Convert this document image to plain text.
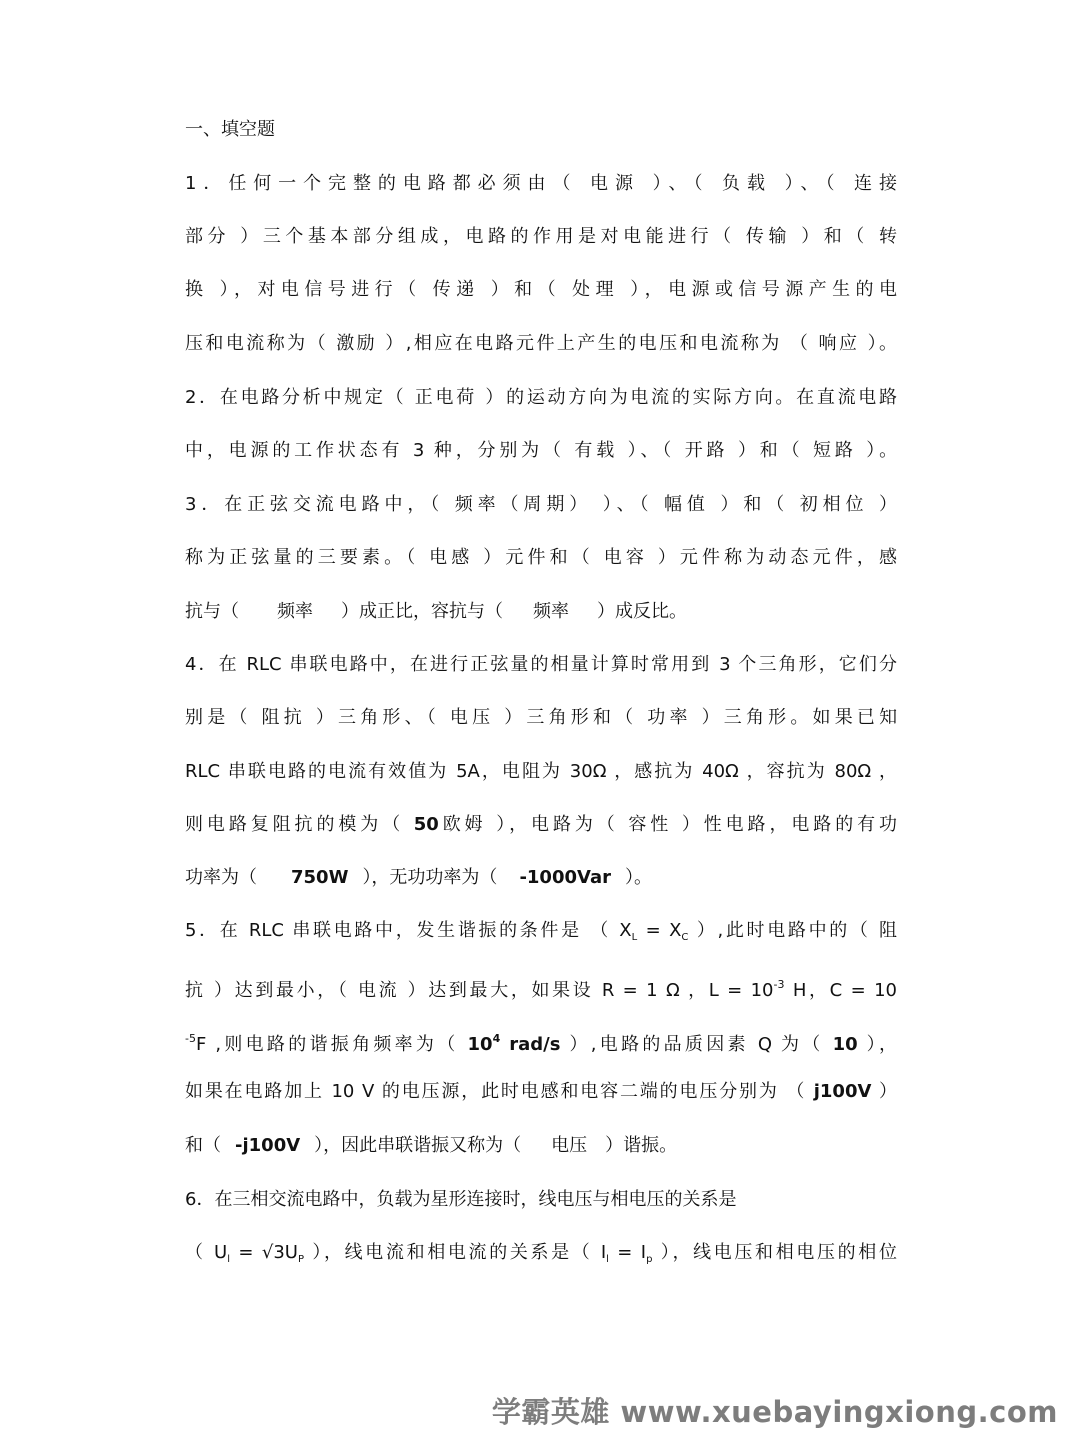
一、填空题
1．任何一个完整的电路都必须由（ 电源 ）、（ 负载 ）、（ 连接
部分 ）三个基本部分组成，电路的作用是对电能进行（ 传输 ）和（ 转
换 ），对电信号进行（ 传递 ）和（ 处理 ），电源或信号源产生的电
压和电流称为（ 激励 ）,相应在电路元件上产生的电压和电流称为 （ 响应 ）。
2．在电路分析中规定（ 正电荷 ）的运动方向为电流的实际方向。在直流电路
中，电源的工作状态有 3 种，分别为（ 有载 ）、（ 开路 ）和（ 短路 ）。
3．在正弦交流电路中，（ 频率（周期） ）、（ 幅值 ）和（ 初相位 ）
称为正弦量的三要素。（ 电感 ）元件和（ 电容 ）元件称为动态元件，感
抗与（ 频率 ）成正比，容抗与（ 频率 ）成反比。
4．在 RLC 串联电路中，在进行正弦量的相量计算时常用到 3 个三角形，它们分
别是（ 阻抗 ）三角形、（ 电压 ）三角形和（ 功率 ）三角形。如果已知
RLC 串联电路的电流有效值为 5A，电阻为 30Ω ，感抗为 40Ω ，容抗为 80Ω ，
则电路复阻抗的模为（ 50欧姆 ），电路为（ 容性 ）性电路，电路的有功
功率为（ 750W ），无功功率为（ -1000Var ）。
5．在 RLC 串联电路中，发生谐振的条件是 （ $X_L = X_C$ ）,此时电路中的（ 阻
抗 ）达到最小，（ 电流 ）达到最大，如果设 R = 1 Ω ，$L = 10^{-3}$ H，C = 10
$^{-5}$F ,则电路的谐振角频率为（ $10^4$ rad/s ）,电路的品质因素 Q 为（ 10 ），
如果在电路加上 10 V 的电压源，此时电感和电容二端的电压分别为 （ j100V ）
和（ -j100V ），因此串联谐振又称为（ 电压 ）谐振。
6．在三相交流电路中，负载为星形连接时，线电压与相电压的关系是
（ $U_l = √3U_P$ ），线电流和相电流的关系是（ $I_l = I_p$ ），线电压和相电压的相位
学霸英雄 www.xuebayingxiong.com
